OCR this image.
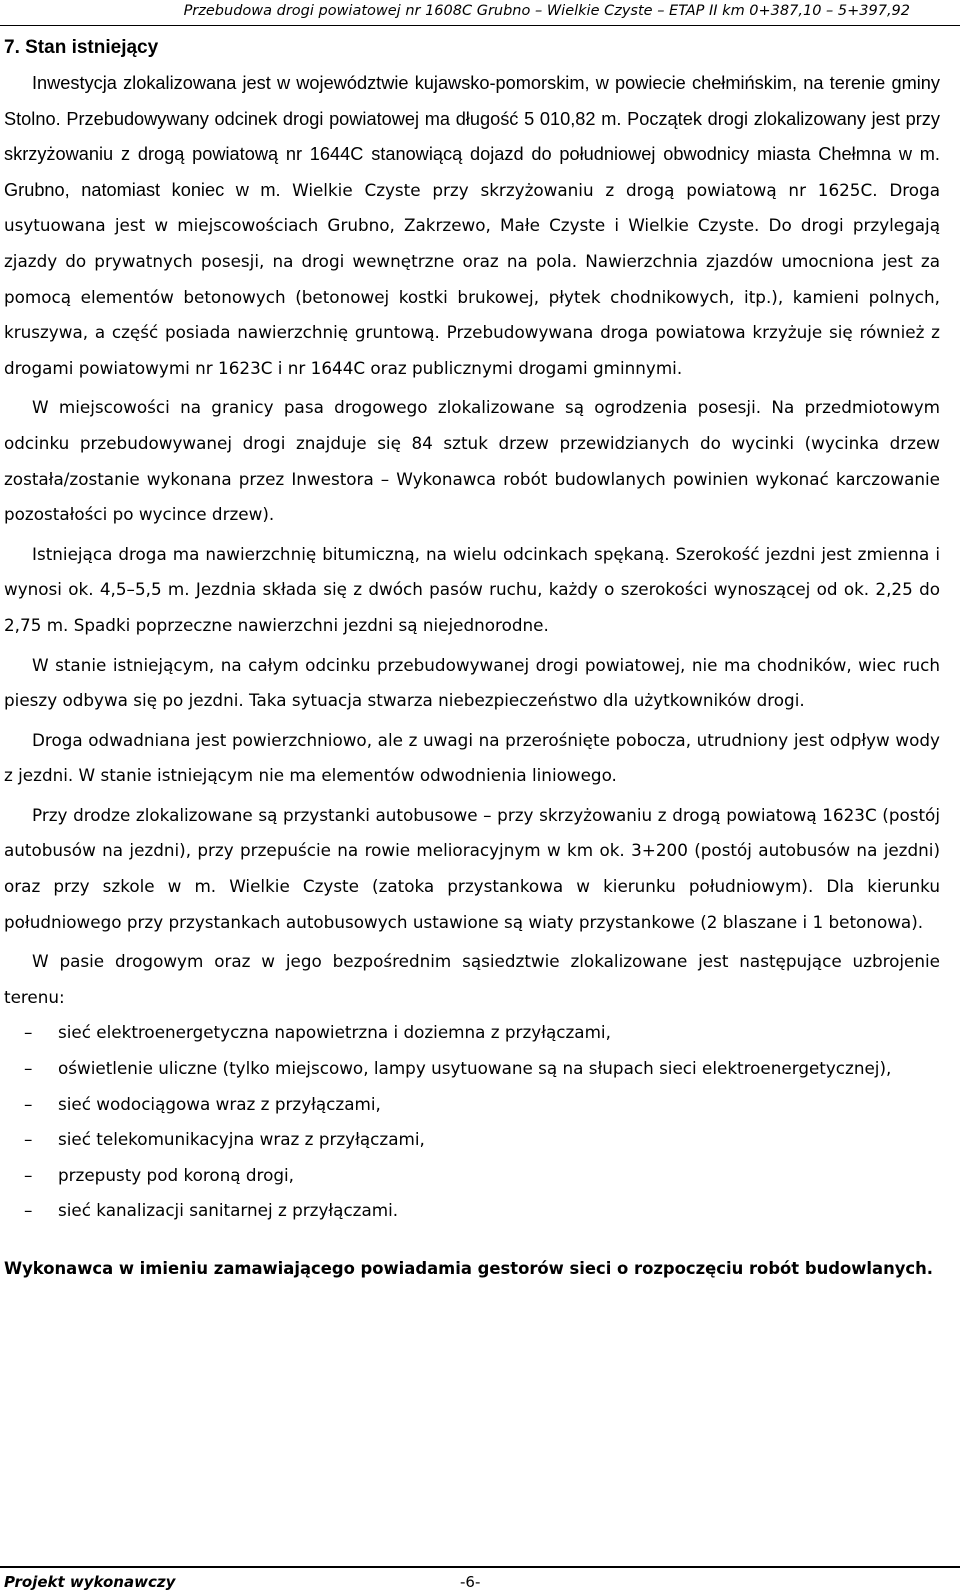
Przebudowa drogi powiatowej nr 1608C Grubno – Wielkie Czyste – ETAP II km 0+387,10 – 5+397,92
7. Stan istniejący

Inwestycja zlokalizowana jest w województwie kujawsko-pomorskim, w powiecie chełmińskim, na terenie gminy Stolno. Przebudowywany odcinek drogi powiatowej ma długość 5 010,82 m. Początek drogi zlokalizowany jest przy skrzyżowaniu z drogą powiatową nr 1644C stanowiącą dojazd do południowej obwodnicy miasta Chełmna w m. Grubno, natomiast koniec w m. Wielkie Czyste przy skrzyżowaniu z drogą powiatową nr 1625C. Droga usytuowana jest w miejscowościach Grubno, Zakrzewo, Małe Czyste i Wielkie Czyste. Do drogi przylegają zjazdy do prywatnych posesji, na drogi wewnętrzne oraz na pola. Nawierzchnia zjazdów umocniona jest za pomocą elementów betonowych (betonowej kostki brukowej, płytek chodnikowych, itp.), kamieni polnych, kruszywa, a część posiada nawierzchnię gruntową. Przebudowywana droga powiatowa krzyżuje się również z drogami powiatowymi nr 1623C i nr 1644C oraz publicznymi drogami gminnymi.

W miejscowości na granicy pasa drogowego zlokalizowane są ogrodzenia posesji. Na przedmiotowym odcinku przebudowywanej drogi znajduje się 84 sztuk drzew przewidzianych do wycinki (wycinka drzew została/zostanie wykonana przez Inwestora – Wykonawca robót budowlanych powinien wykonać karczowanie pozostałości po wycince drzew).

Istniejąca droga ma nawierzchnię bitumiczną, na wielu odcinkach spękaną. Szerokość jezdni jest zmienna i wynosi ok. 4,5–5,5 m. Jezdnia składa się z dwóch pasów ruchu, każdy o szerokości wynoszącej od ok. 2,25 do 2,75 m. Spadki poprzeczne nawierzchni jezdni są niejednorodne.

W stanie istniejącym, na całym odcinku przebudowywanej drogi powiatowej, nie ma chodników, wiec ruch pieszy odbywa się po jezdni. Taka sytuacja stwarza niebezpieczeństwo dla użytkowników drogi.

Droga odwadniana jest powierzchniowo, ale z uwagi na przerośnięte pobocza, utrudniony jest odpływ wody z jezdni. W stanie istniejącym nie ma elementów odwodnienia liniowego.

Przy drodze zlokalizowane są przystanki autobusowe – przy skrzyżowaniu z drogą powiatową 1623C (postój autobusów na jezdni), przy przepuście na rowie melioracyjnym w km ok. 3+200 (postój autobusów na jezdni) oraz przy szkole w m. Wielkie Czyste (zatoka przystankowa w kierunku południowym). Dla kierunku południowego przy przystankach autobusowych ustawione są wiaty przystankowe (2 blaszane i 1 betonowa).

W pasie drogowym oraz w jego bezpośrednim sąsiedztwie zlokalizowane jest następujące uzbrojenie terenu:

–	sieć elektroenergetyczna napowietrzna i doziemna z przyłączami,
–	oświetlenie uliczne (tylko miejscowo, lampy usytuowane są na słupach sieci elektroenergetycznej),
–	sieć wodociągowa wraz z przyłączami,
–	sieć telekomunikacyjna wraz z przyłączami,
–	przepusty pod koroną drogi,
–	sieć kanalizacji sanitarnej z przyłączami.

Wykonawca w imieniu zamawiającego powiadamia gestorów sieci o rozpoczęciu robót budowlanych.

Projekt wykonawczy	-6-
